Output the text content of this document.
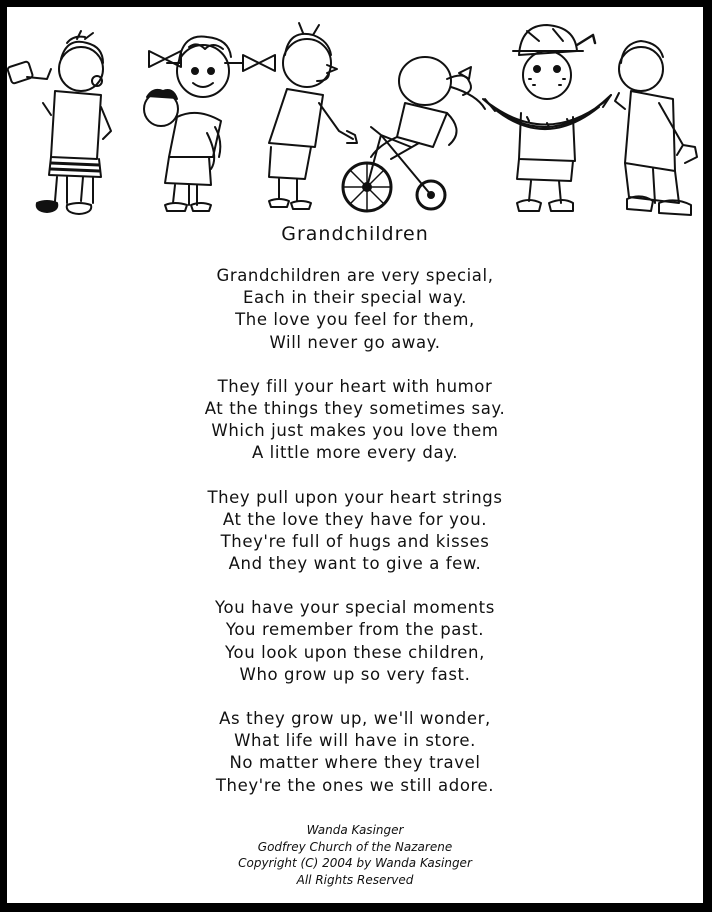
Grandchildren
Grandchildren are very special,
Each in their special way.
The love you feel for them,
Will never go away.
They fill your heart with humor
At the things they sometimes say.
Which just makes you love them
A little more every day.
They pull upon your heart strings
At the love they have for you.
They're full of hugs and kisses
And they want to give a few.
You have your special moments
You remember from the past.
You look upon these children,
Who grow up so very fast.
As they grow up, we'll wonder,
What life will have in store.
No matter where they travel
They're the ones we still adore.
Wanda Kasinger
Godfrey Church of the Nazarene
Copyright (C) 2004 by Wanda Kasinger
All Rights Reserved
